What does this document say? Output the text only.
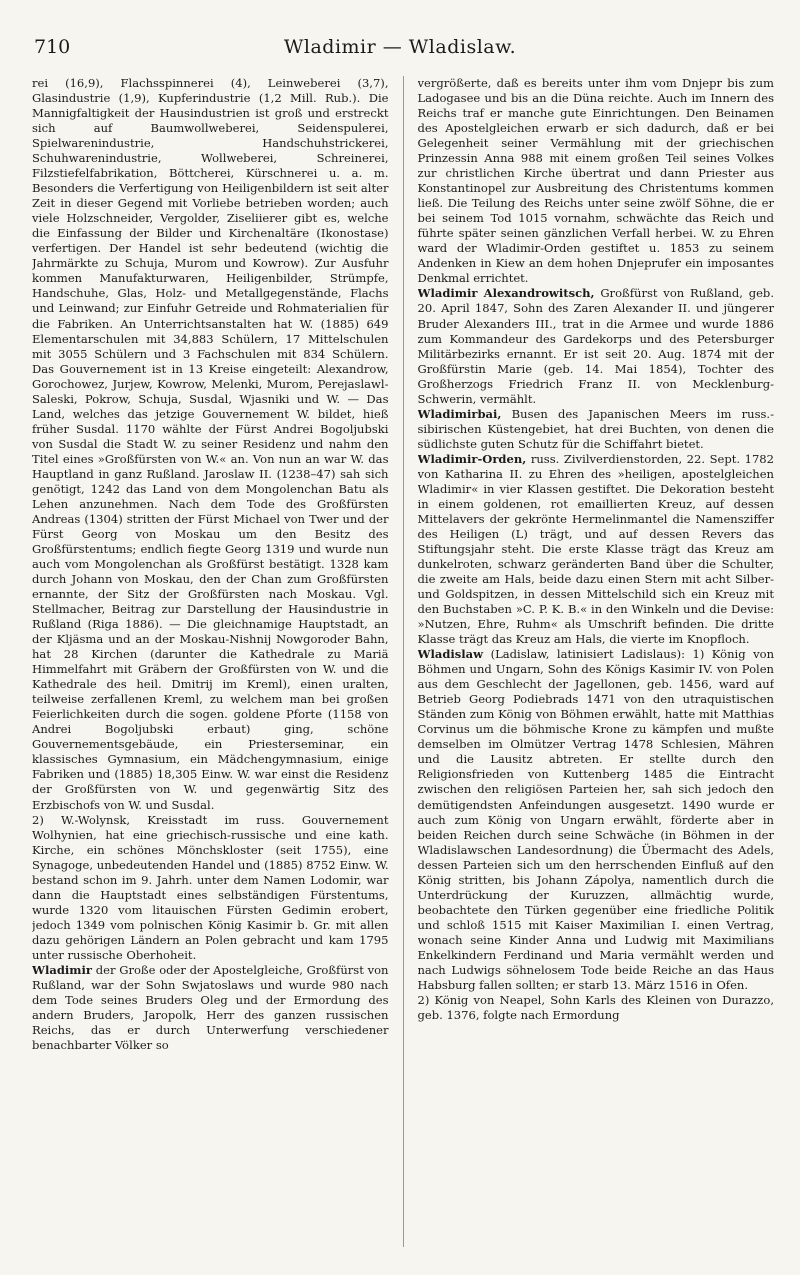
710	Wladimir — Wladislaw.

rei (16,9), Flachsspinnerei (4), Leinweberei (3,7), Glasindustrie (1,9), Kupferindustrie (1,2 Mill. Rub.). Die Mannigfaltigkeit der Hausindustrien ist groß und erstreckt sich auf Baumwollweberei, Seidenspulerei, Spielwarenindustrie, Handschuhstrickerei, Schuhwarenindustrie, Wollweberei, Schreinerei, Filzstiefelfabrikation, Böttcherei, Kürschnerei u. a. m. Besonders die Verfertigung von Heiligenbildern ist seit alter Zeit in dieser Gegend mit Vorliebe betrieben worden; auch viele Holzschneider, Vergolder, Ziseliierer gibt es, welche die Einfassung der Bilder und Kirchenaltäre (Ikonostase) verfertigen. Der Handel ist sehr bedeutend (wichtig die Jahrmärkte zu Schuja, Murom und Kowrow). Zur Ausfuhr kommen Manufakturwaren, Heiligenbilder, Strümpfe, Handschuhe, Glas, Holz- und Metallgegenstände, Flachs und Leinwand; zur Einfuhr Getreide und Rohmaterialien für die Fabriken. An Unterrichtsanstalten hat W. (1885) 649 Elementarschulen mit 34,883 Schülern, 17 Mittelschulen mit 3055 Schülern und 3 Fachschulen mit 834 Schülern. Das Gouvernement ist in 13 Kreise eingeteilt: Alexandrow, Gorochowez, Jurjew, Kowrow, Melenki, Murom, Perejaslawl-Saleski, Pokrow, Schuja, Susdal, Wjasniki und W. — Das Land, welches das jetzige Gouvernement W. bildet, hieß früher Susdal. 1170 wählte der Fürst Andrei Bogoljubski von Susdal die Stadt W. zu seiner Residenz und nahm den Titel eines »Großfürsten von W.« an. Von nun an war W. das Hauptland in ganz Rußland. Jaroslaw II. (1238–47) sah sich genötigt, 1242 das Land von dem Mongolenchan Batu als Lehen anzunehmen. Nach dem Tode des Großfürsten Andreas (1304) stritten der Fürst Michael von Twer und der Fürst Georg von Moskau um den Besitz des Großfürstentums; endlich fiegte Georg 1319 und wurde nun auch vom Mongolenchan als Großfürst bestätigt. 1328 kam durch Johann von Moskau, den der Chan zum Großfürsten ernannte, der Sitz der Großfürsten nach Moskau. Vgl. Stellmacher, Beitrag zur Darstellung der Hausindustrie in Rußland (Riga 1886). — Die gleichnamige Hauptstadt, an der Kljäsma und an der Moskau-Nishnij Nowgoroder Bahn, hat 28 Kirchen (darunter die Kathedrale zu Mariä Himmelfahrt mit Gräbern der Großfürsten von W. und die Kathedrale des heil. Dmitrij im Kreml), einen uralten, teilweise zerfallenen Kreml, zu welchem man bei großen Feierlichkeiten durch die sogen. goldene Pforte (1158 von Andrei Bogoljubski erbaut) ging, schöne Gouvernementsgebäude, ein Priesterseminar, ein klassisches Gymnasium, ein Mädchengymnasium, einige Fabriken und (1885) 18,305 Einw. W. war einst die Residenz der Großfürsten von W. und gegenwärtig Sitz des Erzbischofs von W. und Susdal.

2) W.-Wolynsk, Kreisstadt im russ. Gouvernement Wolhynien, hat eine griechisch-russische und eine kath. Kirche, ein schönes Mönchskloster (seit 1755), eine Synagoge, unbedeutenden Handel und (1885) 8752 Einw. W. bestand schon im 9. Jahrh. unter dem Namen Lodomir, war dann die Hauptstadt eines selbständigen Fürstentums, wurde 1320 vom litauischen Fürsten Gedimin erobert, jedoch 1349 vom polnischen König Kasimir b. Gr. mit allen dazu gehörigen Ländern an Polen gebracht und kam 1795 unter russische Oberhoheit.

Wladimir der Große oder der Apostelgleiche, Großfürst von Rußland, war der Sohn Swjatoslaws und wurde 980 nach dem Tode seines Bruders Oleg und der Ermordung des andern Bruders, Jaropolk, Herr des ganzen russischen Reichs, das er durch Unterwerfung verschiedener benachbarter Völker so

vergrößerte, daß es bereits unter ihm vom Dnjepr bis zum Ladogasee und bis an die Düna reichte. Auch im Innern des Reichs traf er manche gute Einrichtungen. Den Beinamen des Apostelgleichen erwarb er sich dadurch, daß er bei Gelegenheit seiner Vermählung mit der griechischen Prinzessin Anna 988 mit einem großen Teil seines Volkes zur christlichen Kirche übertrat und dann Priester aus Konstantinopel zur Ausbreitung des Christentums kommen ließ. Die Teilung des Reichs unter seine zwölf Söhne, die er bei seinem Tod 1015 vornahm, schwächte das Reich und führte später seinen gänzlichen Verfall herbei. W. zu Ehren ward der Wladimir-Orden gestiftet u. 1853 zu seinem Andenken in Kiew an dem hohen Dnjeprufer ein imposantes Denkmal errichtet.

Wladimir Alexandrowitsch, Großfürst von Rußland, geb. 20. April 1847, Sohn des Zaren Alexander II. und jüngerer Bruder Alexanders III., trat in die Armee und wurde 1886 zum Kommandeur des Gardekorps und des Petersburger Militärbezirks ernannt. Er ist seit 20. Aug. 1874 mit der Großfürstin Marie (geb. 14. Mai 1854), Tochter des Großherzogs Friedrich Franz II. von Mecklenburg-Schwerin, vermählt.

Wladimirbai, Busen des Japanischen Meers im russ.-sibirischen Küstengebiet, hat drei Buchten, von denen die südlichste guten Schutz für die Schiffahrt bietet.

Wladimir-Orden, russ. Zivilverdienstorden, 22. Sept. 1782 von Katharina II. zu Ehren des »heiligen, apostelgleichen Wladimir« in vier Klassen gestiftet. Die Dekoration besteht in einem goldenen, rot emaillierten Kreuz, auf dessen Mittelavers der gekrönte Hermelinmantel die Namensziffer des Heiligen (L) trägt, und auf dessen Revers das Stiftungsjahr steht. Die erste Klasse trägt das Kreuz am dunkelroten, schwarz geränderten Band über die Schulter, die zweite am Hals, beide dazu einen Stern mit acht Silber- und Goldspitzen, in dessen Mittelschild sich ein Kreuz mit den Buchstaben »C. P. K. B.« in den Winkeln und die Devise: »Nutzen, Ehre, Ruhm« als Umschrift befinden. Die dritte Klasse trägt das Kreuz am Hals, die vierte im Knopfloch.

Wladislaw (Ladislaw, latinisiert Ladislaus): 1) König von Böhmen und Ungarn, Sohn des Königs Kasimir IV. von Polen aus dem Geschlecht der Jagellonen, geb. 1456, ward auf Betrieb Georg Podiebrads 1471 von den utraquistischen Ständen zum König von Böhmen erwählt, hatte mit Matthias Corvinus um die böhmische Krone zu kämpfen und mußte demselben im Olmützer Vertrag 1478 Schlesien, Mähren und die Lausitz abtreten. Er stellte durch den Religionsfrieden von Kuttenberg 1485 die Eintracht zwischen den religiösen Parteien her, sah sich jedoch den demütigendsten Anfeindungen ausgesetzt. 1490 wurde er auch zum König von Ungarn erwählt, förderte aber in beiden Reichen durch seine Schwäche (in Böhmen in der Wladislawschen Landesordnung) die Übermacht des Adels, dessen Parteien sich um den herrschenden Einfluß auf den König stritten, bis Johann Zápolya, namentlich durch die Unterdrückung der Kuruzzen, allmächtig wurde, beobachtete den Türken gegenüber eine friedliche Politik und schloß 1515 mit Kaiser Maximilian I. einen Vertrag, wonach seine Kinder Anna und Ludwig mit Maximilians Enkelkindern Ferdinand und Maria vermählt werden und nach Ludwigs söhnelosem Tode beide Reiche an das Haus Habsburg fallen sollten; er starb 13. März 1516 in Ofen.

2) König von Neapel, Sohn Karls des Kleinen von Durazzo, geb. 1376, folgte nach Ermordung
